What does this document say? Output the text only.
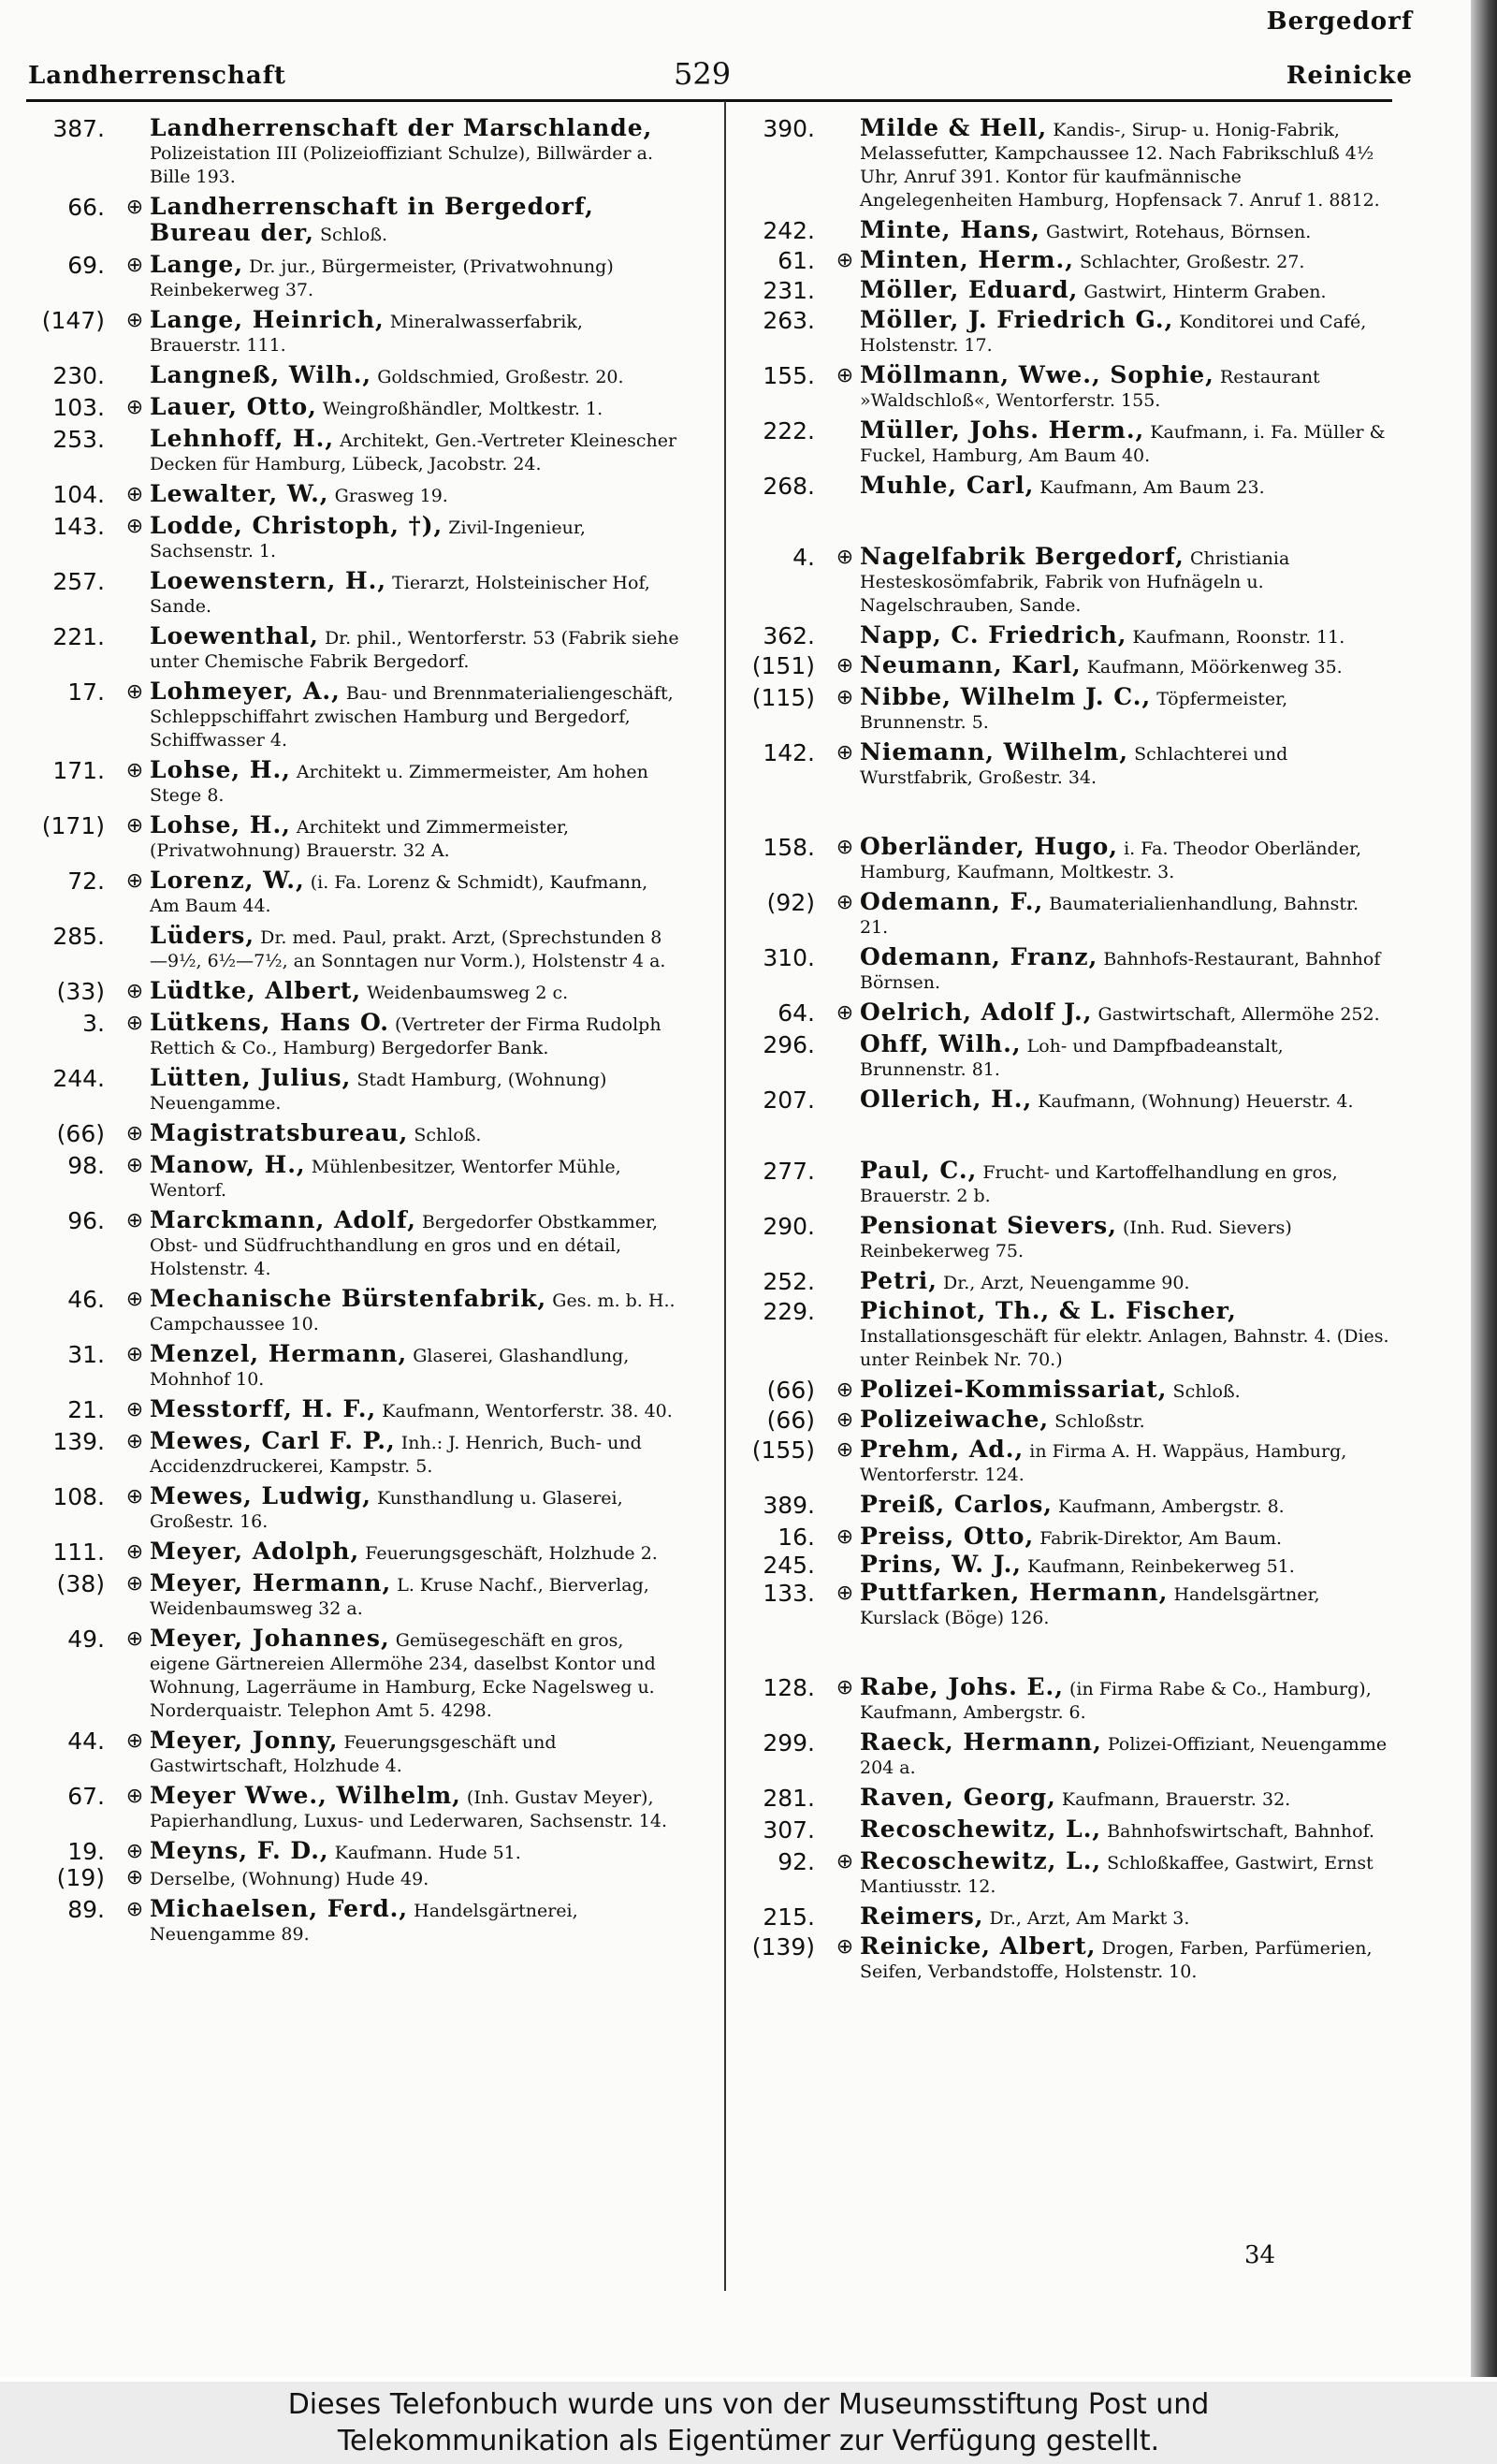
Bergedorf
Landherrenschaft	529	Reinicke
387.	Landherrenschaft der Marschlande, Polizeistation III (Polizeioffiziant Schulze), Billwärder a. Bille 193.
66.	⊕ Landherrenschaft in Bergedorf, Bureau der, Schloß.
69.	⊕ Lange, Dr. jur., Bürgermeister, (Privatwohnung) Reinbekerweg 37.
(147)	⊕ Lange, Heinrich, Mineralwasserfabrik, Brauerstr. 111.
230.	Langneß, Wilh., Goldschmied, Großestr. 20.
103.	⊕ Lauer, Otto, Weingroßhändler, Moltkestr. 1.
253.	Lehnhoff, H., Architekt, Gen.-Vertreter Kleinescher Decken für Hamburg, Lübeck, Jacobstr. 24.
104.	⊕ Lewalter, W., Grasweg 19.
143.	⊕ Lodde, Christoph, †), Zivil-Ingenieur, Sachsenstr. 1.
257.	Loewenstern, H., Tierarzt, Holsteinischer Hof, Sande.
221.	Loewenthal, Dr. phil., Wentorferstr. 53 (Fabrik siehe unter Chemische Fabrik Bergedorf.
17.	⊕ Lohmeyer, A., Bau- und Brennmaterialiengeschäft, Schleppschiffahrt zwischen Hamburg und Bergedorf, Schiffwasser 4.
171.	⊕ Lohse, H., Architekt u. Zimmermeister, Am hohen Stege 8.
(171)	⊕ Lohse, H., Architekt und Zimmermeister, (Privatwohnung) Brauerstr. 32 A.
72.	⊕ Lorenz, W., (i. Fa. Lorenz & Schmidt), Kaufmann, Am Baum 44.
285.	Lüders, Dr. med. Paul, prakt. Arzt, (Sprechstunden 8—9½, 6½—7½, an Sonntagen nur Vorm.), Holstenstr 4 a.
(33)	⊕ Lüdtke, Albert, Weidenbaumsweg 2 c.
3.	⊕ Lütkens, Hans O. (Vertreter der Firma Rudolph Rettich & Co., Hamburg) Bergedorfer Bank.
244.	Lütten, Julius, Stadt Hamburg, (Wohnung) Neuengamme.
(66)	⊕ Magistratsbureau, Schloß.
98.	⊕ Manow, H., Mühlenbesitzer, Wentorfer Mühle, Wentorf.
96.	⊕ Marckmann, Adolf, Bergedorfer Obstkammer, Obst- und Südfruchthandlung en gros und en détail, Holstenstr. 4.
46.	⊕ Mechanische Bürstenfabrik, Ges. m. b. H.. Campchaussee 10.
31.	⊕ Menzel, Hermann, Glaserei, Glashandlung, Mohnhof 10.
21.	⊕ Messtorff, H. F., Kaufmann, Wentorferstr. 38. 40.
139.	⊕ Mewes, Carl F. P., Inh.: J. Henrich, Buch- und Accidenzdruckerei, Kampstr. 5.
108.	⊕ Mewes, Ludwig, Kunsthandlung u. Glaserei, Großestr. 16.
111.	⊕ Meyer, Adolph, Feuerungsgeschäft, Holzhude 2.
(38)	⊕ Meyer, Hermann, L. Kruse Nachf., Bierverlag, Weidenbaumsweg 32 a.
49.	⊕ Meyer, Johannes, Gemüsegeschäft en gros, eigene Gärtnereien Allermöhe 234, daselbst Kontor und Wohnung, Lagerräume in Hamburg, Ecke Nagelsweg u. Norderquaistr. Telephon Amt 5. 4298.
44.	⊕ Meyer, Jonny, Feuerungsgeschäft und Gastwirtschaft, Holzhude 4.
67.	⊕ Meyer Wwe., Wilhelm, (Inh. Gustav Meyer), Papierhandlung, Luxus- und Lederwaren, Sachsenstr. 14.
19.	⊕ Meyns, F. D., Kaufmann. Hude 51.
(19)	⊕ Derselbe, (Wohnung) Hude 49.
89.	⊕ Michaelsen, Ferd., Handelsgärtnerei, Neuengamme 89.
390.	Milde & Hell, Kandis-, Sirup- u. Honig-Fabrik, Melassefutter, Kampchaussee 12. Nach Fabrikschluß 4½ Uhr, Anruf 391. Kontor für kaufmännische Angelegenheiten Hamburg, Hopfensack 7. Anruf 1. 8812.
242.	Minte, Hans, Gastwirt, Rotehaus, Börnsen.
61.	⊕ Minten, Herm., Schlachter, Großestr. 27.
231.	Möller, Eduard, Gastwirt, Hinterm Graben.
263.	Möller, J. Friedrich G., Konditorei und Café, Holstenstr. 17.
155.	⊕ Möllmann, Wwe., Sophie, Restaurant »Waldschloß«, Wentorferstr. 155.
222.	Müller, Johs. Herm., Kaufmann, i. Fa. Müller & Fuckel, Hamburg, Am Baum 40.
268.	Muhle, Carl, Kaufmann, Am Baum 23.
4.	⊕ Nagelfabrik Bergedorf, Christiania Hesteskosömfabrik, Fabrik von Hufnägeln u. Nagelschrauben, Sande.
362.	Napp, C. Friedrich, Kaufmann, Roonstr. 11.
(151)	⊕ Neumann, Karl, Kaufmann, Möörkenweg 35.
(115)	⊕ Nibbe, Wilhelm J. C., Töpfermeister, Brunnenstr. 5.
142.	⊕ Niemann, Wilhelm, Schlachterei und Wurstfabrik, Großestr. 34.
158.	⊕ Oberländer, Hugo, i. Fa. Theodor Oberländer, Hamburg, Kaufmann, Moltkestr. 3.
(92)	⊕ Odemann, F., Baumaterialienhandlung, Bahnstr. 21.
310.	Odemann, Franz, Bahnhofs-Restaurant, Bahnhof Börnsen.
64.	⊕ Oelrich, Adolf J., Gastwirtschaft, Allermöhe 252.
296.	Ohff, Wilh., Loh- und Dampfbadeanstalt, Brunnenstr. 81.
207.	Ollerich, H., Kaufmann, (Wohnung) Heuerstr. 4.
277.	Paul, C., Frucht- und Kartoffelhandlung en gros, Brauerstr. 2 b.
290.	Pensionat Sievers, (Inh. Rud. Sievers) Reinbekerweg 75.
252.	Petri, Dr., Arzt, Neuengamme 90.
229.	Pichinot, Th., & L. Fischer, Installationsgeschäft für elektr. Anlagen, Bahnstr. 4. (Dies. unter Reinbek Nr. 70.)
(66)	⊕ Polizei-Kommissariat, Schloß.
(66)	⊕ Polizeiwache, Schloßstr.
(155)	⊕ Prehm, Ad., in Firma A. H. Wappäus, Hamburg, Wentorferstr. 124.
389.	Preiß, Carlos, Kaufmann, Ambergstr. 8.
16.	⊕ Preiss, Otto, Fabrik-Direktor, Am Baum.
245.	Prins, W. J., Kaufmann, Reinbekerweg 51.
133.	⊕ Puttfarken, Hermann, Handelsgärtner, Kurslack (Böge) 126.
128.	⊕ Rabe, Johs. E., (in Firma Rabe & Co., Hamburg), Kaufmann, Ambergstr. 6.
299.	Raeck, Hermann, Polizei-Offiziant, Neuengamme 204 a.
281.	Raven, Georg, Kaufmann, Brauerstr. 32.
307.	Recoschewitz, L., Bahnhofswirtschaft, Bahnhof.
92.	⊕ Recoschewitz, L., Schloßkaffee, Gastwirt, Ernst Mantiusstr. 12.
215.	Reimers, Dr., Arzt, Am Markt 3.
(139)	⊕ Reinicke, Albert, Drogen, Farben, Parfümerien, Seifen, Verbandstoffe, Holstenstr. 10.
34
Dieses Telefonbuch wurde uns von der Museumsstiftung Post und
Telekommunikation als Eigentümer zur Verfügung gestellt.
